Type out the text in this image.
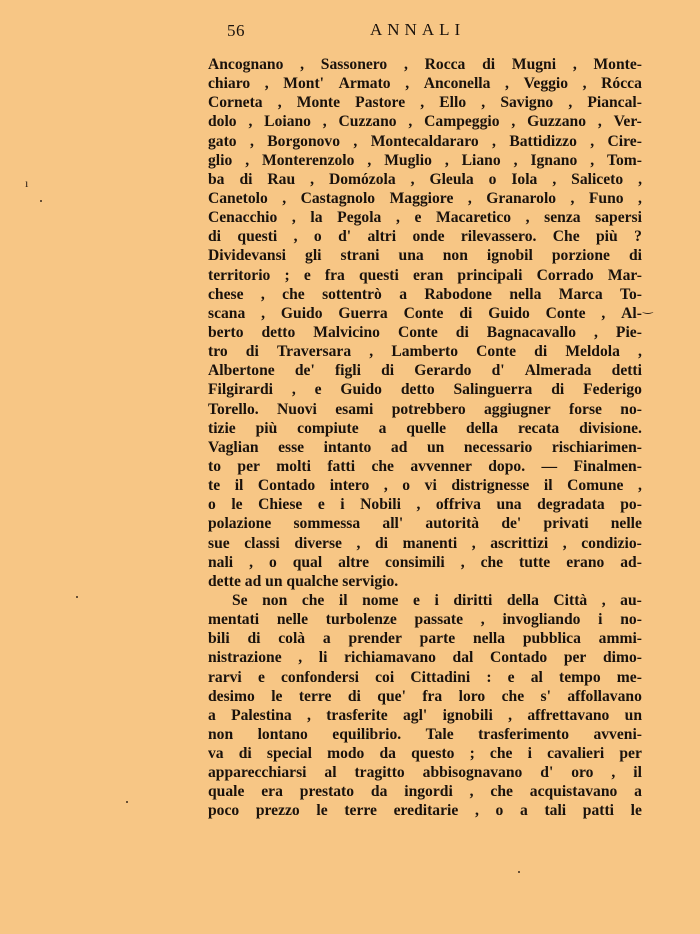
56	ANNALI
Ancognano , Sassonero , Rocca di Mugni , Monte-
chiaro , Mont' Armato , Anconella , Veggio , Rócca
Corneta , Monte Pastore , Ello , Savigno , Piancal-
dolo , Loiano , Cuzzano , Campeggio , Guzzano , Ver-
gato , Borgonovo , Montecaldararo , Battidizzo , Cire-
glio , Monterenzolo , Muglio , Liano , Ignano , Tom-
ba di Rau , Domózola , Gleula o Iola , Saliceto ,
Canetolo , Castagnolo Maggiore , Granarolo , Funo ,
Cenacchio , la Pegola , e Macaretico , senza sapersi
di questi , o d' altri onde rilevassero. Che più ?
Dividevansi gli strani una non ignobil porzione di
territorio ; e fra questi eran principali Corrado Mar-
chese , che sottentrò a Rabodone nella Marca To-
scana , Guido Guerra Conte di Guido Conte , Al-
berto detto Malvicino Conte di Bagnacavallo , Pie-
tro di Traversara , Lamberto Conte di Meldola ,
Albertone de' figli di Gerardo d' Almerada detti
Filgirardi , e Guido detto Salinguerra di Federigo
Torello. Nuovi esami potrebbero aggiugner forse no-
tizie più compiute a quelle della recata divisione.
Vaglian esse intanto ad un necessario rischiarimen-
to per molti fatti che avvenner dopo. — Finalmen-
te il Contado intero , o vi distrignesse il Comune ,
o le Chiese e i Nobili , offriva una degradata po-
polazione sommessa all' autorità de' privati nelle
sue classi diverse , di manenti , ascrittizi , condizio-
nali , o qual altre consimili , che tutte erano ad-
dette ad un qualche servigio.
Se non che il nome e i diritti della Città , au-
mentati nelle turbolenze passate , invogliando i no-
bili di colà a prender parte nella pubblica ammi-
nistrazione , li richiamavano dal Contado per dimo-
rarvi e confondersi coi Cittadini : e al tempo me-
desimo le terre di que' fra loro che s' affollavano
a Palestina , trasferite agl' ignobili , affrettavano un
non lontano equilibrio. Tale trasferimento avveni-
va di special modo da questo ; che i cavalieri per
apparecchiarsi al tragitto abbisognavano d' oro , il
quale era prestato da ingordi , che acquistavano a
poco prezzo le terre ereditarie , o a tali patti le
ı
‿
